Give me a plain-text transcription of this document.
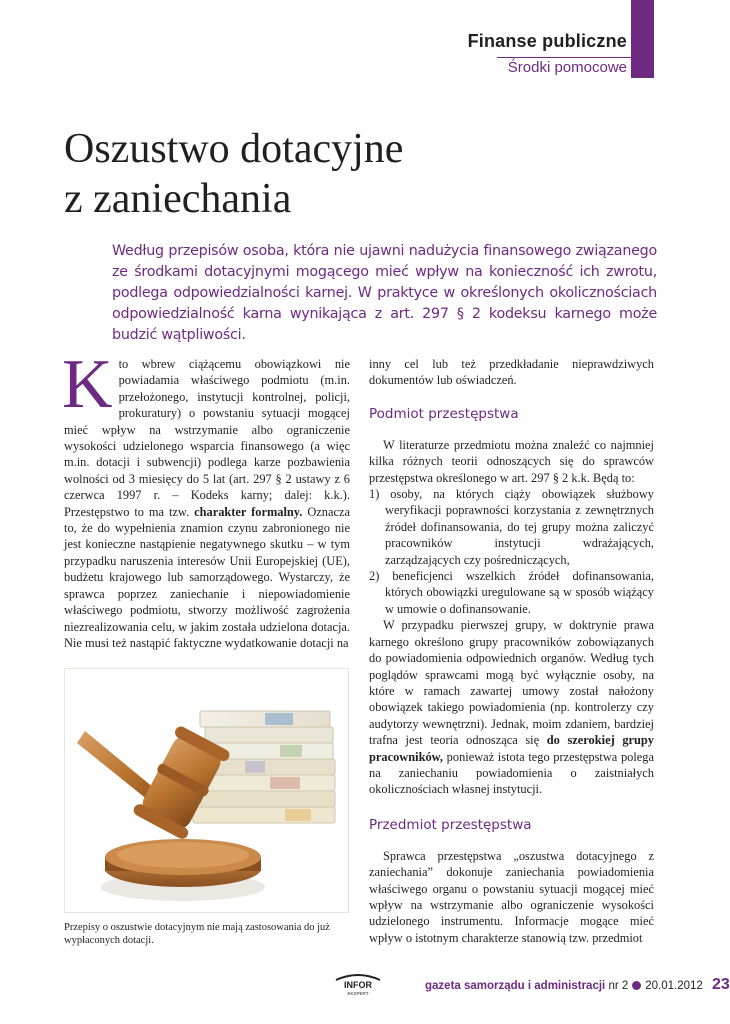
Finanse publiczne
Środki pomocowe
Oszustwo dotacyjne
z zaniechania
Według przepisów osoba, która nie ujawni nadużycia finansowego związanego ze środkami dotacyjnymi mogącego mieć wpływ na konieczność ich zwrotu, podlega odpowiedzialności karnej. W praktyce w określonych okolicznościach odpowiedzialność karna wynikająca z art. 297 § 2 kodeksu karnego może budzić wątpliwości.

Kto wbrew ciążącemu obowiązkowi nie powiadamia właściwego podmiotu (m.in. przełożonego, instytucji kontrolnej, policji, prokuratury) o powstaniu sytuacji mogącej mieć wpływ na wstrzymanie albo ograniczenie wysokości udzielonego wsparcia finansowego (a więc m.in. dotacji i subwencji) podlega karze pozbawienia wolności od 3 miesięcy do 5 lat (art. 297 § 2 ustawy z 6 czerwca 1997 r. – Kodeks karny; dalej: k.k.). Przestępstwo to ma tzw. charakter formalny. Oznacza to, że do wypełnienia znamion czynu zabronionego nie jest konieczne nastąpienie negatywnego skutku – w tym przypadku naruszenia interesów Unii Europejskiej (UE), budżetu krajowego lub samorządowego. Wystarczy, że sprawca poprzez zaniechanie i niepowiadomienie właściwego podmiotu, stworzy możliwość zagrożenia niezrealizowania celu, w jakim została udzielona dotacja. Nie musi też nastąpić faktyczne wydatkowanie dotacji na

Przepisy o oszustwie dotacyjnym nie mają zastosowania do już wypłaconych dotacji.

inny cel lub też przedkładanie nieprawdziwych dokumentów lub oświadczeń.

Podmiot przestępstwa

W literaturze przedmiotu można znaleźć co najmniej kilka różnych teorii odnoszących się do sprawców przestępstwa określonego w art. 297 § 2 k.k. Będą to:

1) osoby, na których ciąży obowiązek służbowy weryfikacji poprawności korzystania z zewnętrznych źródeł dofinansowania, do tej grupy można zaliczyć pracowników instytucji wdrażających, zarządzających czy pośredniczących,

2) beneficjenci wszelkich źródeł dofinansowania, których obowiązki uregulowane są w sposób wiążący w umowie o dofinansowanie.

W przypadku pierwszej grupy, w doktrynie prawa karnego określono grupy pracowników zobowiązanych do powiadomienia odpowiednich organów. Według tych poglądów sprawcami mogą być wyłącznie osoby, na które w ramach zawartej umowy został nałożony obowiązek takiego powiadomienia (np. kontrolerzy czy audytorzy wewnętrzni). Jednak, moim zdaniem, bardziej trafna jest teoria odnosząca się do szerokiej grupy pracowników, ponieważ istota tego przestępstwa polega na zaniechaniu powiadomienia o zaistniałych okolicznościach własnej instytucji.

Przedmiot przestępstwa

Sprawca przestępstwa „oszustwa dotacyjnego z zaniechania” dokonuje zaniechania powiadomienia właściwego organu o powstaniu sytuacji mogącej mieć wpływ na wstrzymanie albo ograniczenie wysokości udzielonego instrumentu. Informacje mogące mieć wpływ o istotnym charakterze stanowią tzw. przedmiot

INFOR
EKSPERT
gazeta samorządu i administracji nr 2 20.01.2012 23
